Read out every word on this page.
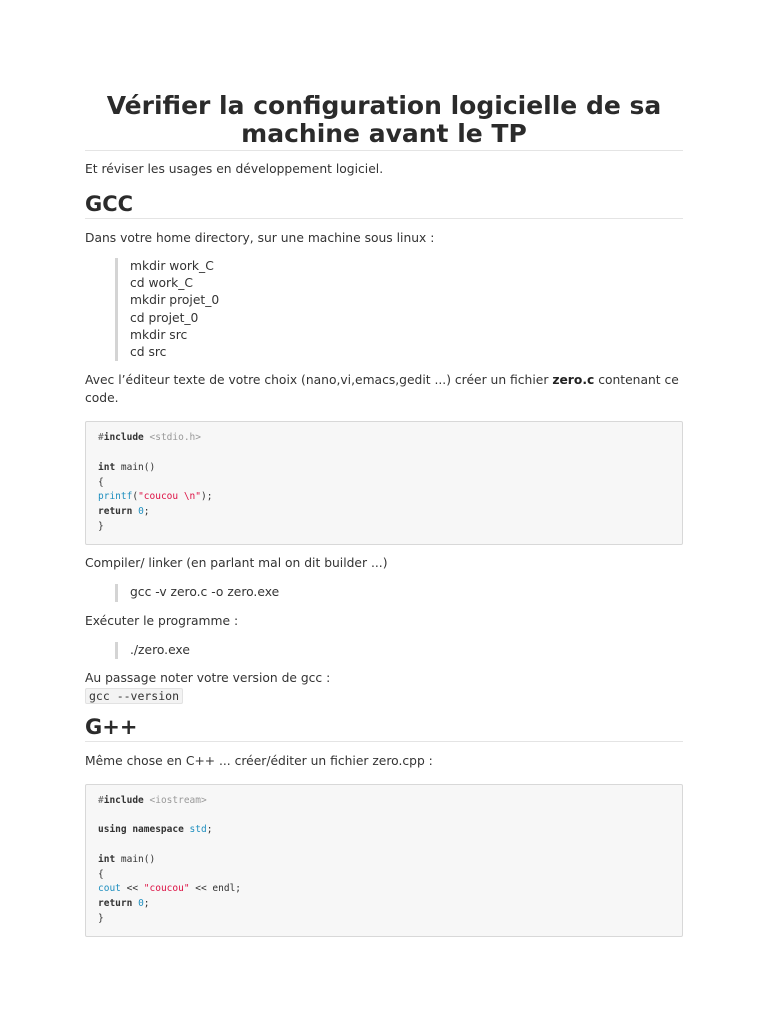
Vérifier la configuration logicielle de sa machine avant le TP

Et réviser les usages en développement logiciel.

GCC

Dans votre home directory, sur une machine sous linux :

mkdir work_C
cd work_C
mkdir projet_0
cd projet_0
mkdir src
cd src

Avec l’éditeur texte de votre choix (nano,vi,emacs,gedit ...) créer un fichier zero.c contenant ce code.

#include <stdio.h>
int main()
{
printf("coucou \n");
return 0;
}

Compiler/ linker (en parlant mal on dit builder ...)

gcc -v zero.c -o zero.exe

Exécuter le programme :

./zero.exe

Au passage noter votre version de gcc :
gcc --version

G++

Même chose en C++ ... créer/éditer un fichier zero.cpp :

#include <iostream>
using namespace std;
int main()
{
cout << "coucou" << endl;
return 0;
}
